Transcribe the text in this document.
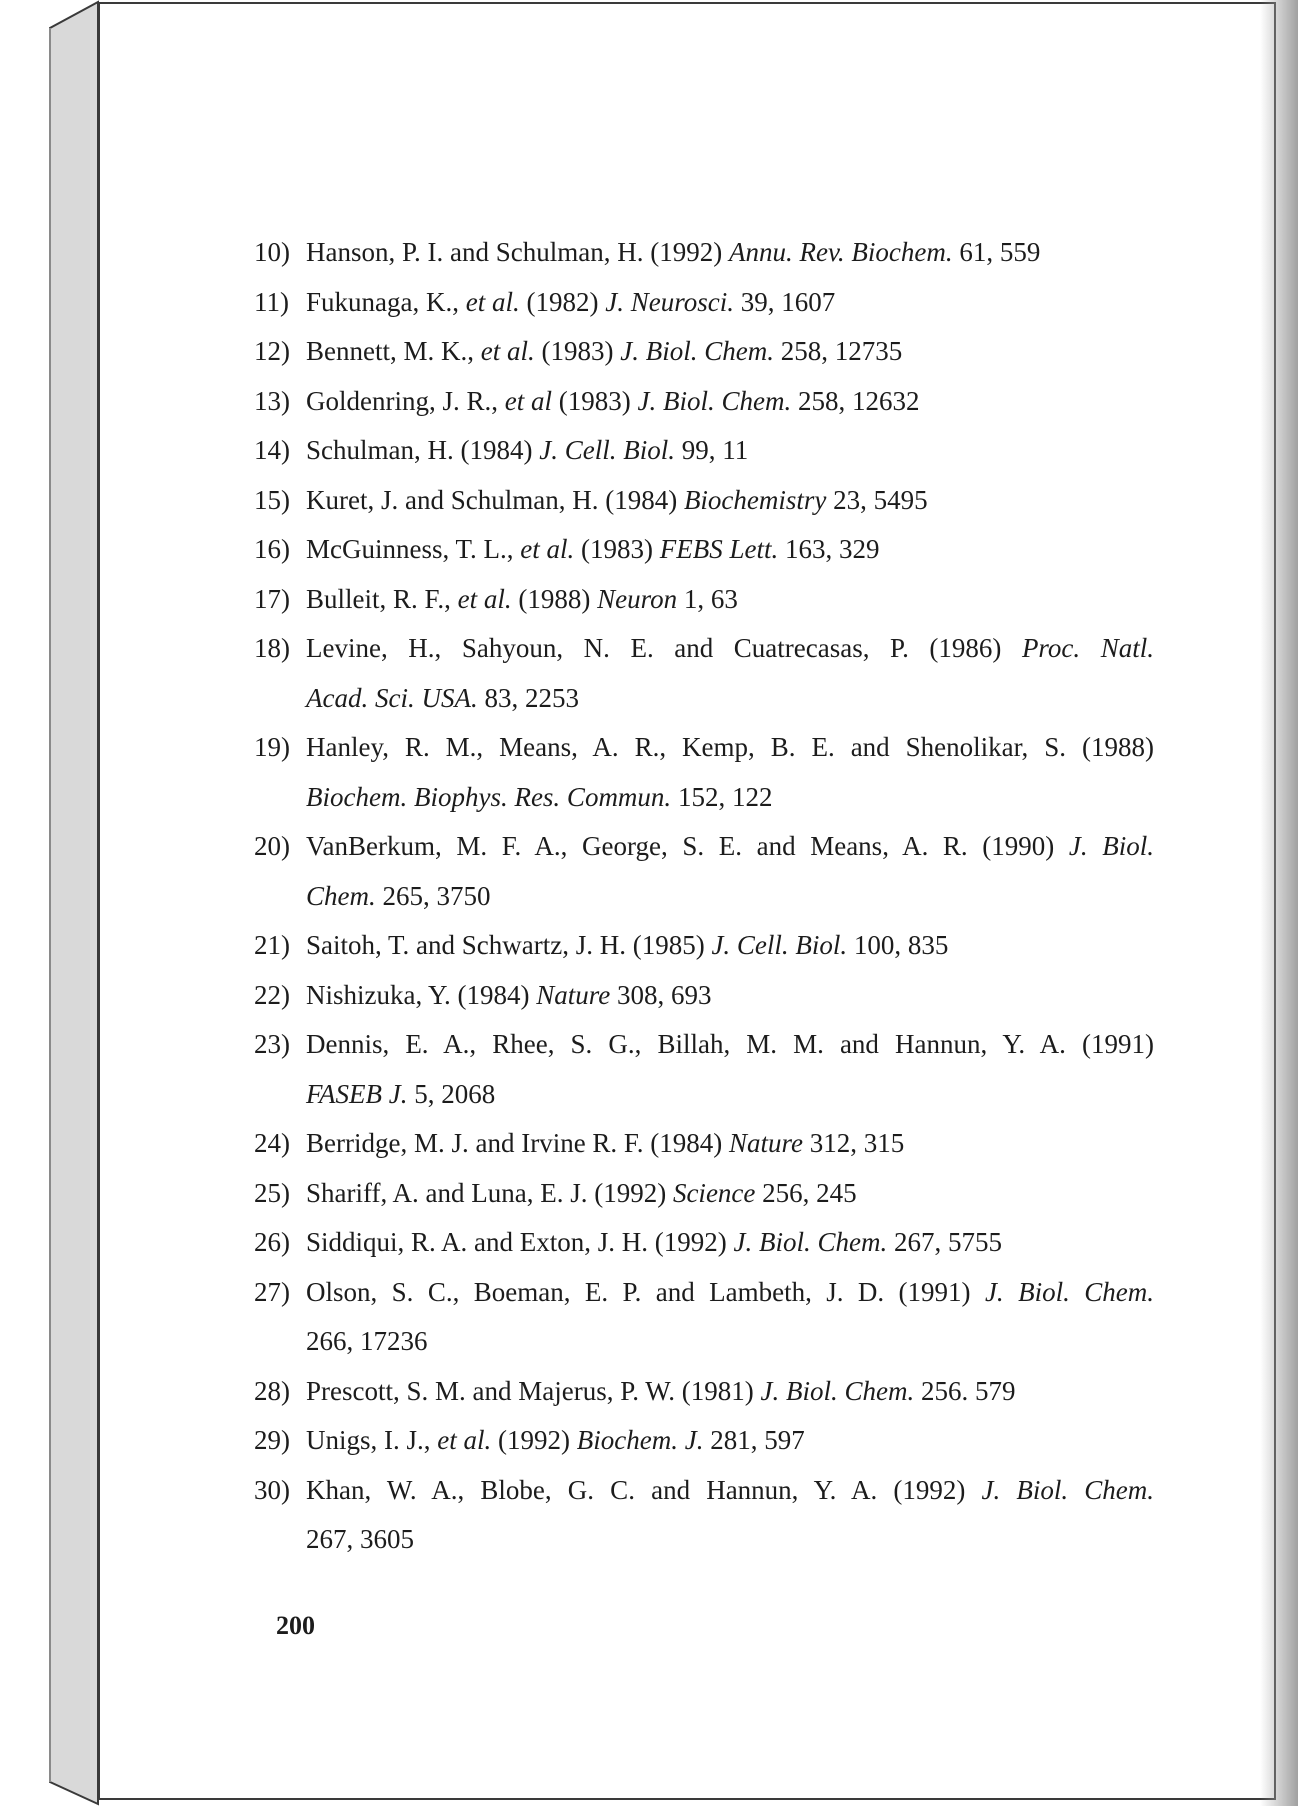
10) Hanson, P. I. and Schulman, H. (1992) Annu. Rev. Biochem. 61, 559
11) Fukunaga, K., et al. (1982) J. Neurosci. 39, 1607
12) Bennett, M. K., et al. (1983) J. Biol. Chem. 258, 12735
13) Goldenring, J. R., et al (1983) J. Biol. Chem. 258, 12632
14) Schulman, H. (1984) J. Cell. Biol. 99, 11
15) Kuret, J. and Schulman, H. (1984) Biochemistry 23, 5495
16) McGuinness, T. L., et al. (1983) FEBS Lett. 163, 329
17) Bulleit, R. F., et al. (1988) Neuron 1, 63
18) Levine, H., Sahyoun, N. E. and Cuatrecasas, P. (1986) Proc. Natl.
Acad. Sci. USA. 83, 2253
19) Hanley, R. M., Means, A. R., Kemp, B. E. and Shenolikar, S. (1988)
Biochem. Biophys. Res. Commun. 152, 122
20) VanBerkum, M. F. A., George, S. E. and Means, A. R. (1990) J. Biol.
Chem. 265, 3750
21) Saitoh, T. and Schwartz, J. H. (1985) J. Cell. Biol. 100, 835
22) Nishizuka, Y. (1984) Nature 308, 693
23) Dennis, E. A., Rhee, S. G., Billah, M. M. and Hannun, Y. A. (1991)
FASEB J. 5, 2068
24) Berridge, M. J. and Irvine R. F. (1984) Nature 312, 315
25) Shariff, A. and Luna, E. J. (1992) Science 256, 245
26) Siddiqui, R. A. and Exton, J. H. (1992) J. Biol. Chem. 267, 5755
27) Olson, S. C., Boeman, E. P. and Lambeth, J. D. (1991) J. Biol. Chem.
266, 17236
28) Prescott, S. M. and Majerus, P. W. (1981) J. Biol. Chem. 256. 579
29) Unigs, I. J., et al. (1992) Biochem. J. 281, 597
30) Khan, W. A., Blobe, G. C. and Hannun, Y. A. (1992) J. Biol. Chem.
267, 3605
200
